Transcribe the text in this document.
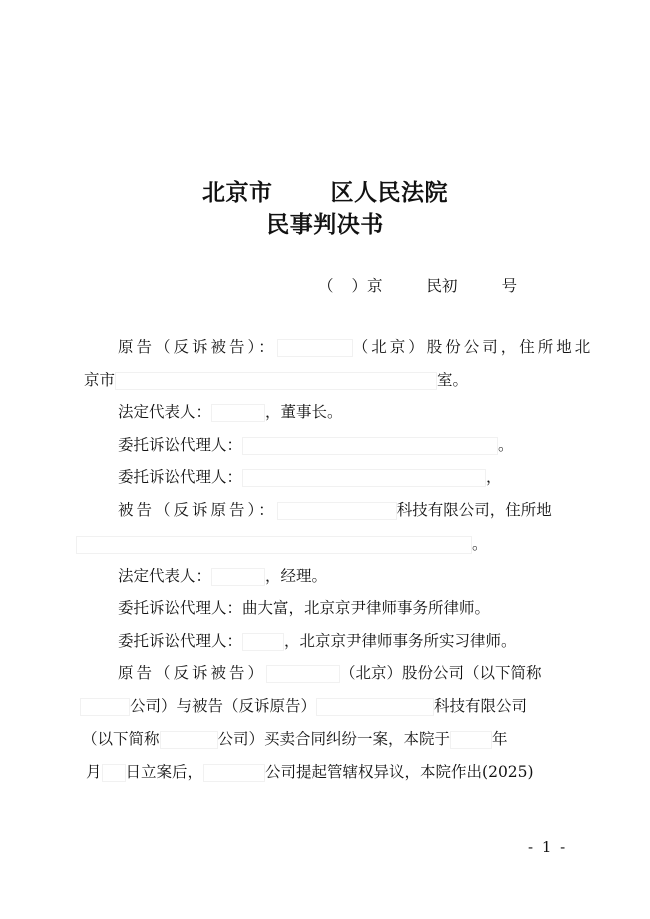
北京市	区人民法院
民事判决书
（ ）京	民初	号
原告（反诉被告）：	（北京）股份公司，住所地北
京市	室。
法定代表人：	，董事长。
委托诉讼代理人：	。
委托诉讼代理人：	，
被告（反诉原告）：	科技有限公司，住所地
。
法定代表人：	，经理。
委托诉讼代理人：曲大富，北京京尹律师事务所律师。
委托诉讼代理人：	，北京京尹律师事务所实习律师。
原告（反诉被告）	（北京）股份公司（以下简称
公司）与被告（反诉原告）	科技有限公司
（以下简称	公司）买卖合同纠纷一案，本院于	年
月 日立案后，	公司提起管辖权异议，本院作出(2025)
- 1 -
